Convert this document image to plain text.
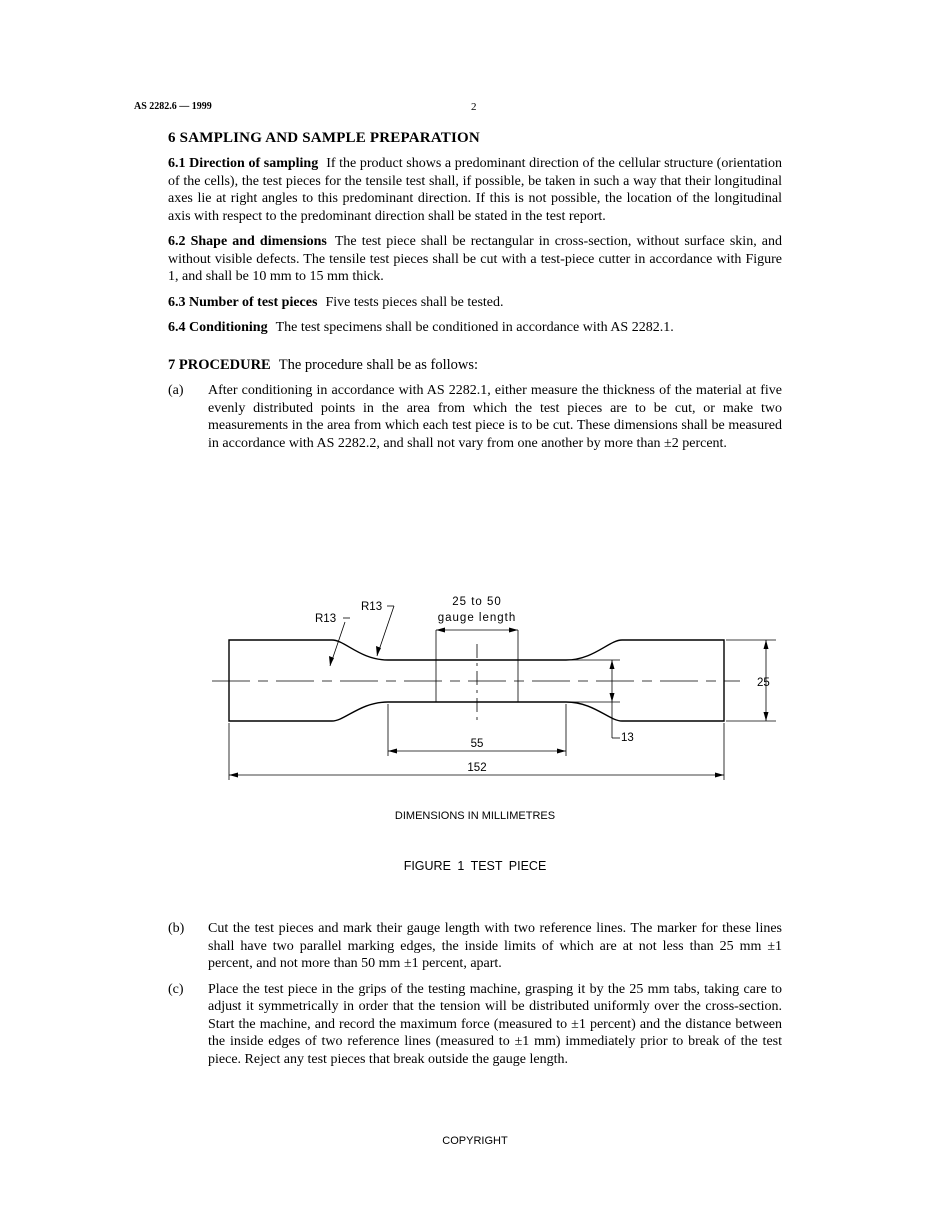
AS 2282.6 — 1999	2
6 SAMPLING AND SAMPLE PREPARATION

6.1 Direction of sampling If the product shows a predominant direction of the cellular structure (orientation of the cells), the test pieces for the tensile test shall, if possible, be taken in such a way that their longitudinal axes lie at right angles to this predominant direction. If this is not possible, the location of the longitudinal axis with respect to the predominant direction shall be stated in the test report.

6.2 Shape and dimensions The test piece shall be rectangular in cross-section, without surface skin, and without visible defects. The tensile test pieces shall be cut with a test-piece cutter in accordance with Figure 1, and shall be 10 mm to 15 mm thick.

6.3 Number of test pieces Five tests pieces shall be tested.

6.4 Conditioning The test specimens shall be conditioned in accordance with AS 2282.1.

7 PROCEDURE The procedure shall be as follows:

(a)	After conditioning in accordance with AS 2282.1, either measure the thickness of the material at five evenly distributed points in the area from which the test pieces are to be cut, or make two measurements in the area from which each test piece is to be cut. These dimensions shall be measured in accordance with AS 2282.2, and shall not vary from one another by more than ±2 percent.

R13
R13
25 to 50
gauge length
25
13
55
152
DIMENSIONS IN MILLIMETRES
FIGURE 1 TEST PIECE
(b)	Cut the test pieces and mark their gauge length with two reference lines. The marker for these lines shall have two parallel marking edges, the inside limits of which are at not less than 25 mm ±1 percent, and not more than 50 mm ±1 percent, apart.

(c)	Place the test piece in the grips of the testing machine, grasping it by the 25 mm tabs, taking care to adjust it symmetrically in order that the tension will be distributed uniformly over the cross-section. Start the machine, and record the maximum force (measured to ±1 percent) and the distance between the inside edges of two reference lines (measured to ±1 mm) immediately prior to break of the test piece. Reject any test pieces that break outside the gauge length.

COPYRIGHT
